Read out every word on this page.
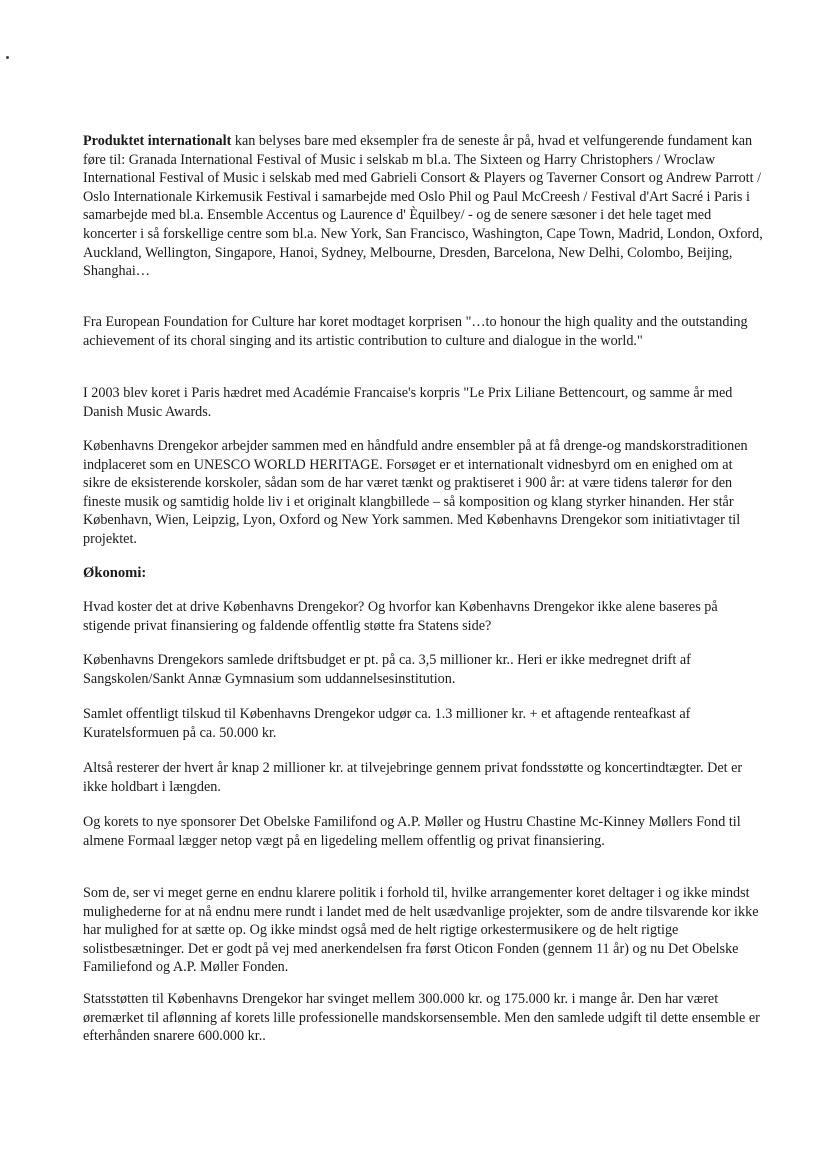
Produktet internationalt kan belyses bare med eksempler fra de seneste år på, hvad et velfungerende fundament kan føre til: Granada International Festival of Music i selskab m bl.a. The Sixteen og Harry Christophers / Wroclaw International Festival of Music i selskab med med Gabrieli Consort & Players og Taverner Consort og Andrew Parrott / Oslo Internationale Kirkemusik Festival i samarbejde med Oslo Phil og Paul McCreesh / Festival d'Art Sacré i Paris i samarbejde med bl.a. Ensemble Accentus og Laurence d' Èquilbey/ - og de senere sæsoner i det hele taget med koncerter i så forskellige centre som bl.a. New York, San Francisco, Washington, Cape Town, Madrid, London, Oxford, Auckland, Wellington, Singapore, Hanoi, Sydney, Melbourne, Dresden, Barcelona, New Delhi, Colombo, Beijing, Shanghai…

Fra European Foundation for Culture har koret modtaget korprisen "…to honour the high quality and the outstanding achievement of its choral singing and its artistic contribution to culture and dialogue in the world."

I 2003 blev koret i Paris hædret med Académie Francaise's korpris "Le Prix Liliane Bettencourt, og samme år med Danish Music Awards.

Københavns Drengekor arbejder sammen med en håndfuld andre ensembler på at få drenge-og mandskorstraditionen indplaceret som en UNESCO WORLD HERITAGE. Forsøget er et internationalt vidnesbyrd om en enighed om at sikre de eksisterende korskoler, sådan som de har været tænkt og praktiseret i 900 år: at være tidens talerør for den fineste musik og samtidig holde liv i et originalt klangbillede – så komposition og klang styrker hinanden. Her står København, Wien, Leipzig, Lyon, Oxford og New York sammen. Med Københavns Drengekor som initiativtager til projektet.

Økonomi:

Hvad koster det at drive Københavns Drengekor? Og hvorfor kan Københavns Drengekor ikke alene baseres på stigende privat finansiering og faldende offentlig støtte fra Statens side?

Københavns Drengekors samlede driftsbudget er pt. på ca. 3,5 millioner kr.. Heri er ikke medregnet drift af Sangskolen/Sankt Annæ Gymnasium som uddannelsesinstitution.

Samlet offentligt tilskud til Københavns Drengekor udgør ca. 1.3 millioner kr. + et aftagende renteafkast af Kuratelsformuen på ca. 50.000 kr.

Altså resterer der hvert år knap 2 millioner kr. at tilvejebringe gennem privat fondsstøtte og koncertindtægter. Det er ikke holdbart i længden.

Og korets to nye sponsorer Det Obelske Familifond og A.P. Møller og Hustru Chastine Mc-Kinney Møllers Fond til almene Formaal lægger netop vægt på en ligedeling mellem offentlig og privat finansiering.

Som de, ser vi meget gerne en endnu klarere politik i forhold til, hvilke arrangementer koret deltager i og ikke mindst mulighederne for at nå endnu mere rundt i landet med de helt usædvanlige projekter, som de andre tilsvarende kor ikke har mulighed for at sætte op. Og ikke mindst også med de helt rigtige orkestermusikere og de helt rigtige solistbesætninger. Det er godt på vej med anerkendelsen fra først Oticon Fonden (gennem 11 år) og nu Det Obelske Familiefond og A.P. Møller Fonden.

Statsstøtten til Københavns Drengekor har svinget mellem 300.000 kr. og 175.000 kr. i mange år. Den har været øremærket til aflønning af korets lille professionelle mandskorsensemble. Men den samlede udgift til dette ensemble er efterhånden snarere 600.000 kr..
